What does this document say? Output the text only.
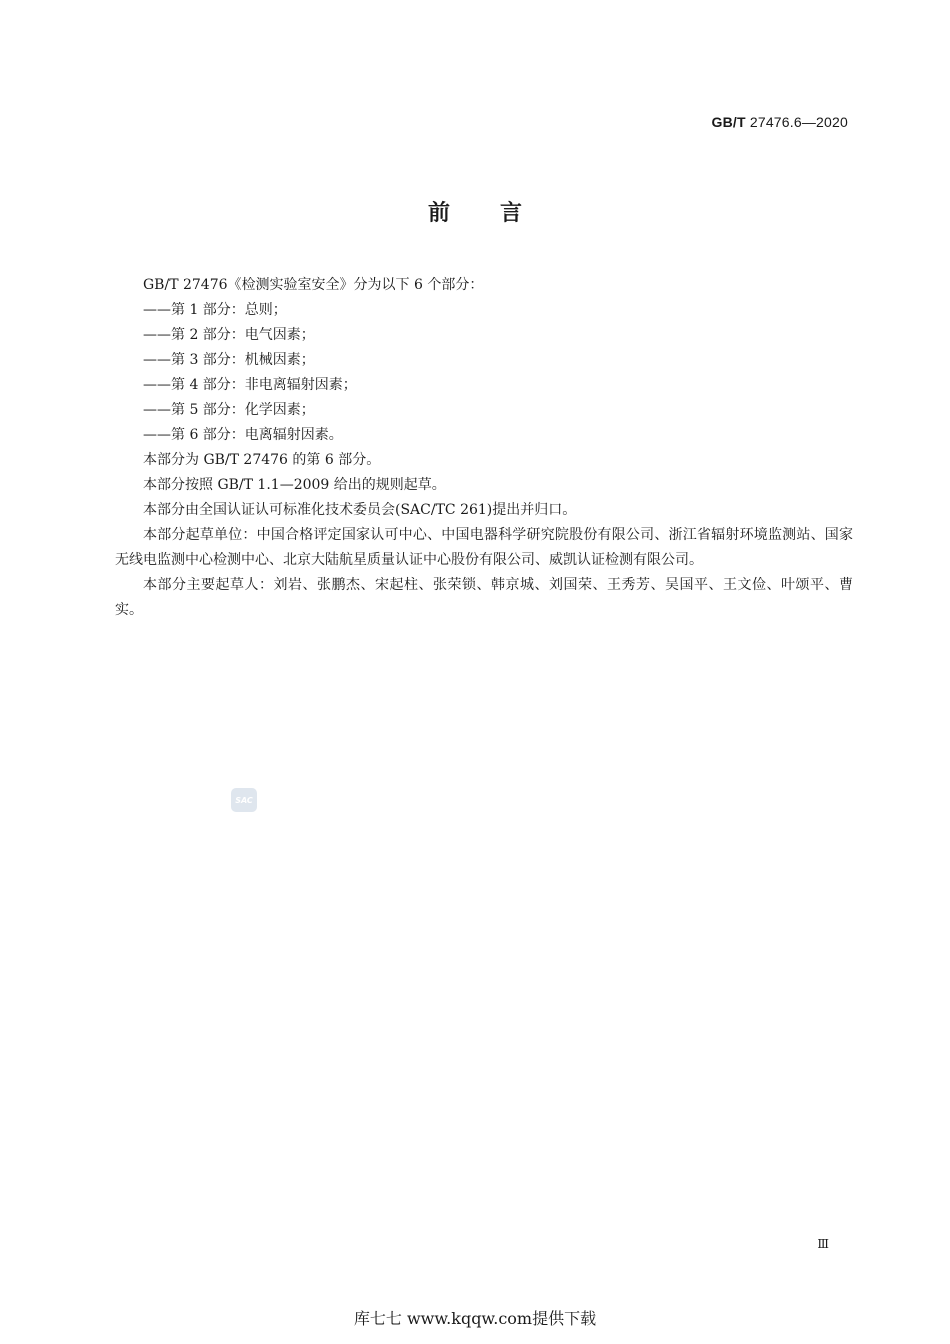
GB/T 27476.6—2020
前 言

GB/T 27476《检测实验室安全》分为以下 6 个部分：

——第 1 部分：总则；

——第 2 部分：电气因素；

——第 3 部分：机械因素；

——第 4 部分：非电离辐射因素；

——第 5 部分：化学因素；

——第 6 部分：电离辐射因素。

本部分为 GB/T 27476 的第 6 部分。

本部分按照 GB/T 1.1—2009 给出的规则起草。

本部分由全国认证认可标准化技术委员会(SAC/TC 261)提出并归口。

本部分起草单位：中国合格评定国家认可中心、中国电器科学研究院股份有限公司、浙江省辐射环境监测站、国家无线电监测中心检测中心、北京大陆航星质量认证中心股份有限公司、威凯认证检测有限公司。

本部分主要起草人：刘岩、张鹏杰、宋起柱、张荣锁、韩京城、刘国荣、王秀芳、吴国平、王文俭、叶颂平、曹实。

SAC
Ⅲ
库七七 www.kqqw.com提供下载
